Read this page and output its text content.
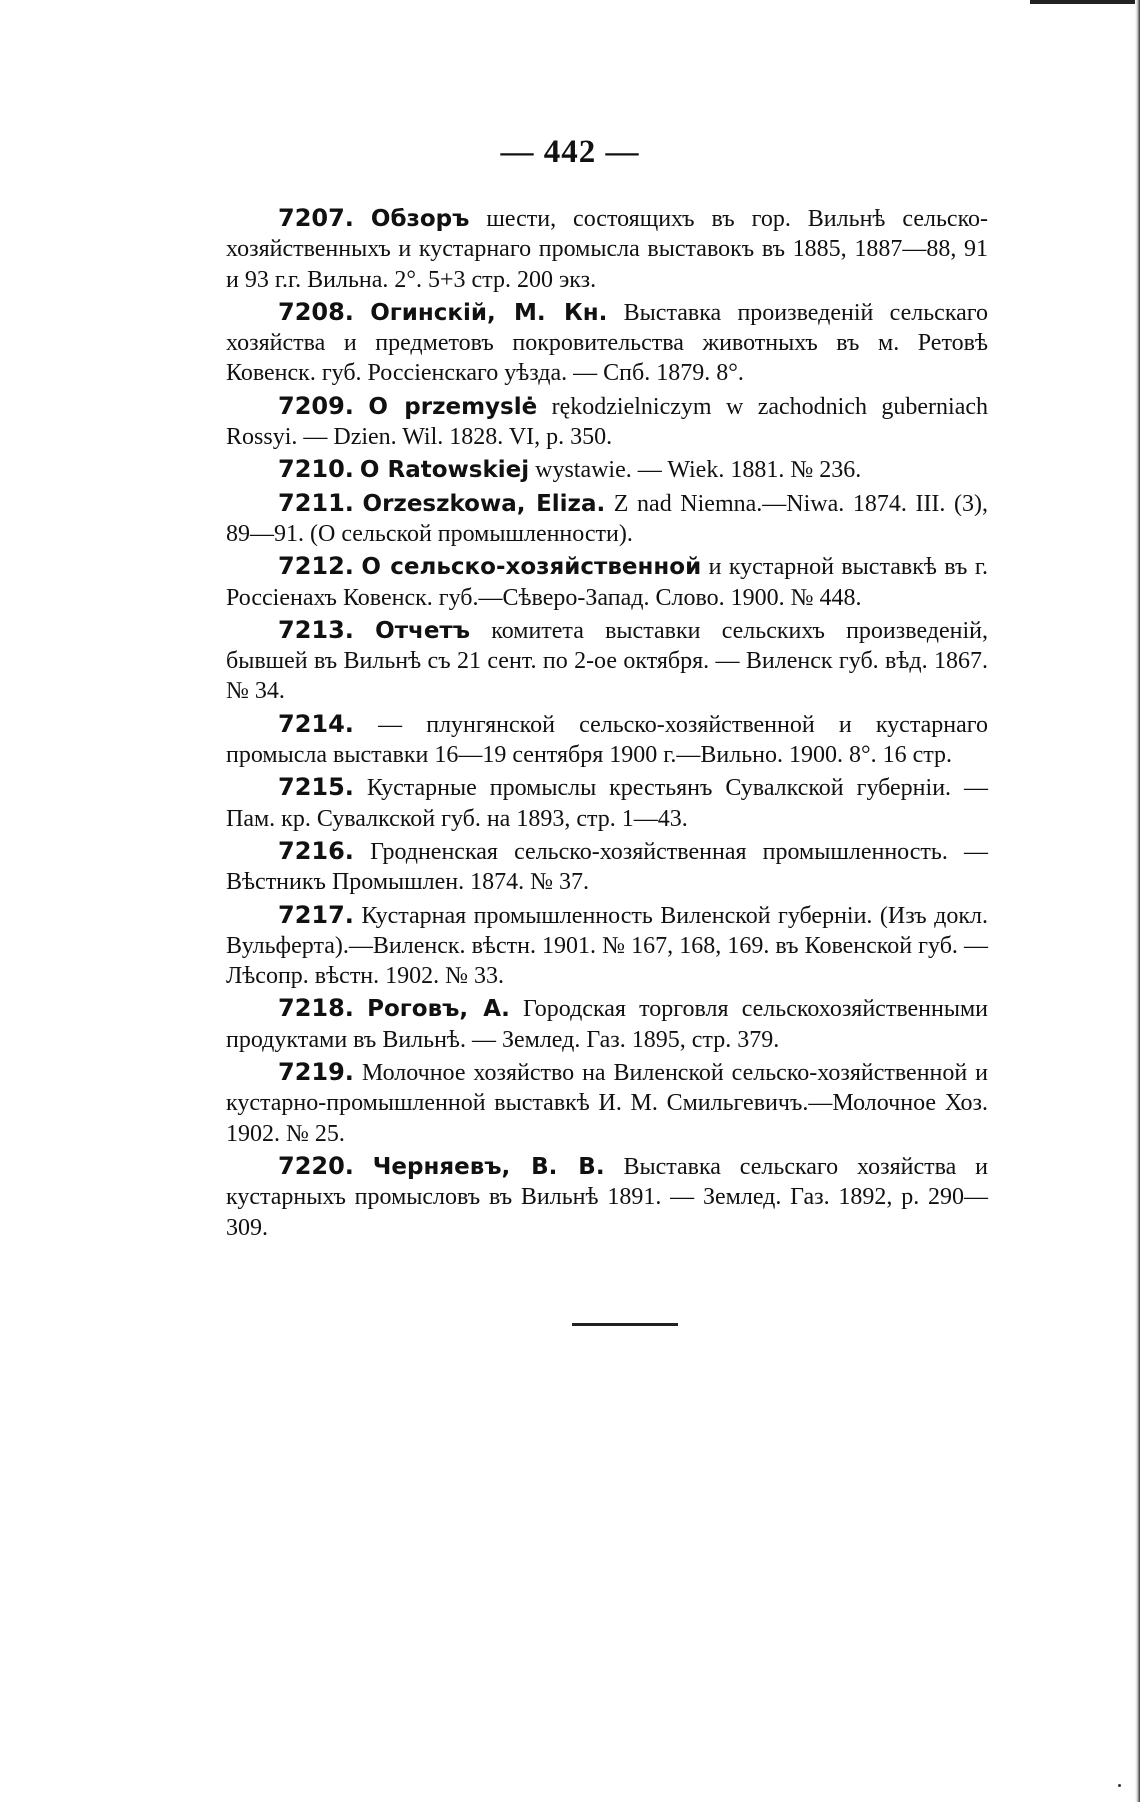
— 442 —

7207. Обзоръ шести, состоящихъ въ гор. Вильнѣ сельско-хозяйственныхъ и кустарнаго промысла выставокъ въ 1885, 1887—88, 91 и 93 г.г. Вильна. 2°. 5+3 стр. 200 экз.

7208. Огинскій, М. Кн. Выставка произведеній сельскаго хозяйства и предметовъ покровительства животныхъ въ м. Ретовѣ Ковенск. губ. Россіенскаго уѣзда. — Спб. 1879. 8°.

7209. O przemyslė rękodzielniczym w zachodnich guberniach Rossyi. — Dzien. Wil. 1828. VI, p. 350.

7210. O Ratowskiej wystawie. — Wiek. 1881. № 236.

7211. Orzeszkowa, Eliza. Z nad Niemna.—Niwa. 1874. III. (3), 89—91. (О сельской промышленности).

7212. О сельско-хозяйственной и кустарной выставкѣ въ г. Россіенахъ Ковенск. губ.—Сѣверо-Запад. Слово. 1900. № 448.

7213. Отчетъ комитета выставки сельскихъ произведеній, бывшей въ Вильнѣ съ 21 сент. по 2-ое октября. — Виленск губ. вѣд. 1867. № 34.

7214. — плунгянской сельско-хозяйственной и кустарнаго промысла выставки 16—19 сентября 1900 г.—Вильно. 1900. 8°. 16 стр.

7215. Кустарные промыслы крестьянъ Сувалкской губерніи. — Пам. кр. Сувалкской губ. на 1893, стр. 1—43.

7216. Гродненская сельско-хозяйственная промышленность. — Вѣстникъ Промышлен. 1874. № 37.

7217. Кустарная промышленность Виленской губерніи. (Изъ докл. Вульферта).—Виленск. вѣстн. 1901. № 167, 168, 169. въ Ковенской губ. — Лѣсопр. вѣстн. 1902. № 33.

7218. Роговъ, А. Городская торговля сельскохозяйственными продуктами въ Вильнѣ. — Землед. Газ. 1895, стр. 379.

7219. Молочное хозяйство на Виленской сельско-хозяйственной и кустарно-промышленной выставкѣ И. М. Смильгевичъ.—Молочное Хоз. 1902. № 25.

7220. Черняевъ, В. В. Выставка сельскаго хозяйства и кустарныхъ промысловъ въ Вильнѣ 1891. — Землед. Газ. 1892, p. 290—309.
